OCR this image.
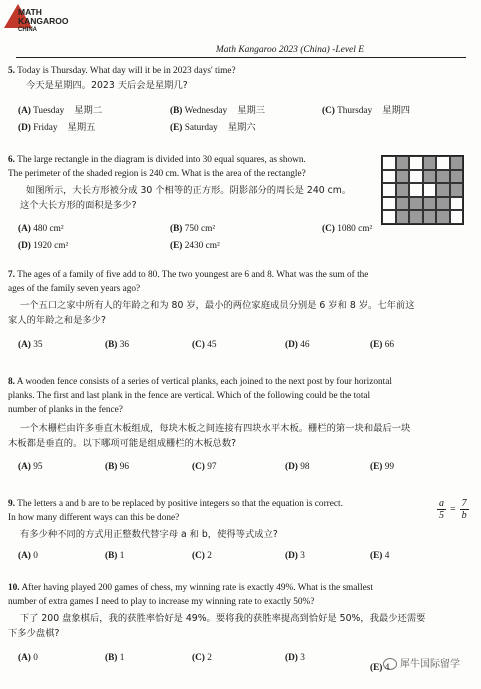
MATH
KANGAROO
CHINA
Math Kangaroo 2023 (China) -Level E
5. Today is Thursday. What day will it be in 2023 days' time?
今天是星期四。2023 天后会是星期几?
(A) Tuesday 星期二	(B) Wednesday 星期三	(C) Thursday 星期四
(D) Friday 星期五	(E) Saturday 星期六
6. The large rectangle in the diagram is divided into 30 equal squares, as shown.
The perimeter of the shaded region is 240 cm. What is the area of the rectangle?
如图所示，大长方形被分成 30 个相等的正方形。阴影部分的周长是 240 cm。
这个大长方形的面积是多少?
(A) 480 cm²	(B) 750 cm²	(C) 1080 cm²
(D) 1920 cm²	(E) 2430 cm²
7. The ages of a family of five add to 80. The two youngest are 6 and 8. What was the sum of the
ages of the family seven years ago?
一个五口之家中所有人的年龄之和为 80 岁，最小的两位家庭成员分别是 6 岁和 8 岁。七年前这
家人的年龄之和是多少?
(A) 35	(B) 36	(C) 45	(D) 46	(E) 66
8. A wooden fence consists of a series of vertical planks, each joined to the next post by four horizontal
planks. The first and last plank in the fence are vertical. Which of the following could be the total
number of planks in the fence?
一个木栅栏由许多垂直木板组成，每块木板之间连接有四块水平木板。栅栏的第一块和最后一块
木板都是垂直的。以下哪项可能是组成栅栏的木板总数?
(A) 95	(B) 96	(C) 97	(D) 98	(E) 99
9. The letters a and b are to be replaced by positive integers so that the equation is correct.
In how many different ways can this be done?	$\frac{a}{5} = \frac{7}{b}$
有多少种不同的方式用正整数代替字母 a 和 b，使得等式成立?
(A) 0	(B) 1	(C) 2	(D) 3	(E) 4
10. After having played 200 games of chess, my winning rate is exactly 49%. What is the smallest
number of extra games I need to play to increase my winning rate to exactly 50%?
下了 200 盘象棋后，我的获胜率恰好是 49%。要将我的获胜率提高到恰好是 50%，我最少还需要
下多少盘棋?
(A) 0	(B) 1	(C) 2	(D) 3
(E) 4	犀牛国际留学
